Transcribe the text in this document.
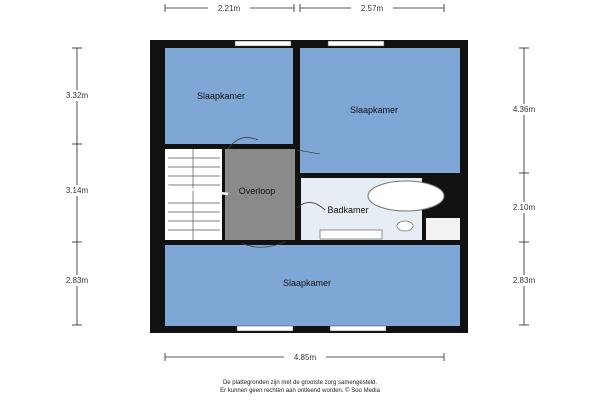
Slaapkamer
Slaapkamer
Overloop
Badkamer
Slaapkamer
2.21m	2.57m
4.85m
3.32m
3.14m
2.83m
4.36m
2.10m
2.83m
De plattegronden zijn met de grootste zorg samengesteld.
Er kunnen geen rechten aan ontleend worden. © Soo Media
